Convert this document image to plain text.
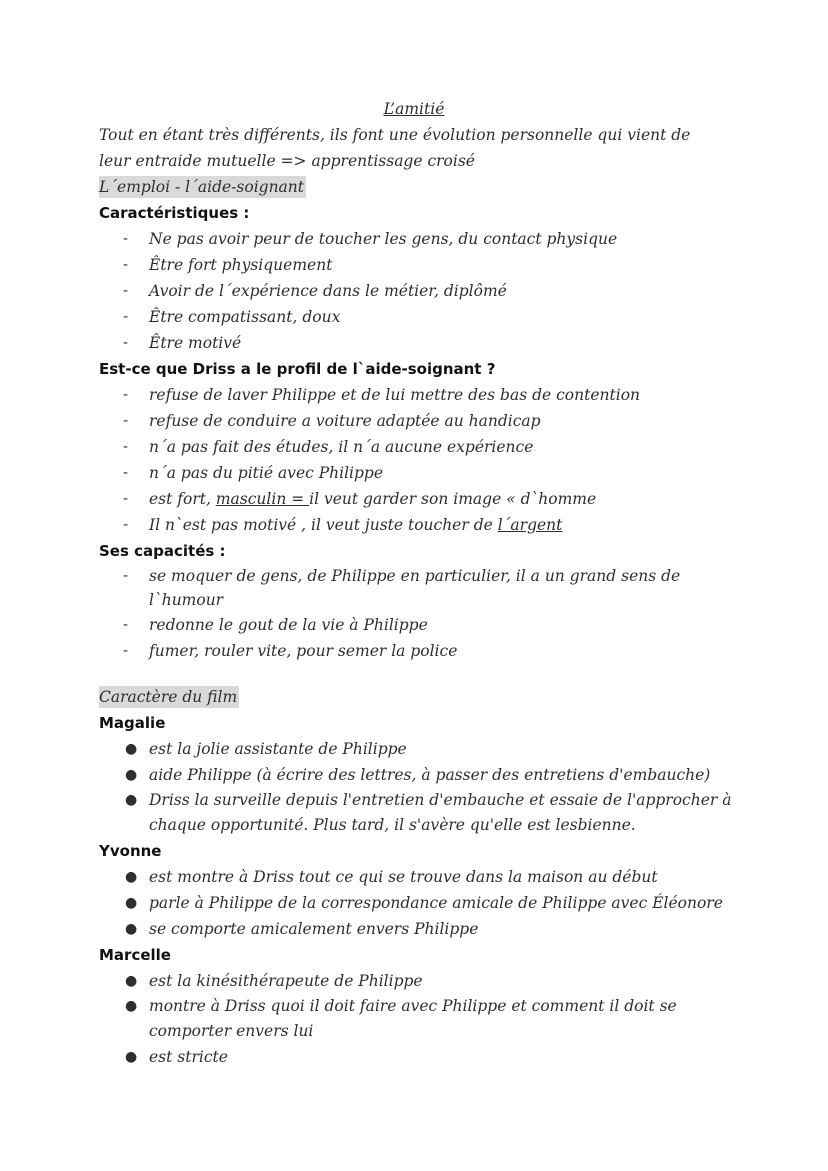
L’amitié
Tout en étant très différents, ils font une évolution personnelle qui vient de
leur entraide mutuelle => apprentissage croisé
L´emploi - l´aide-soignant
Caractéristiques :
- Ne pas avoir peur de toucher les gens, du contact physique
- Être fort physiquement
- Avoir de l´expérience dans le métier, diplômé
- Être compatissant, doux
- Être motivé
Est-ce que Driss a le profil de l`aide-soignant ?
- refuse de laver Philippe et de lui mettre des bas de contention
- refuse de conduire a voiture adaptée au handicap
- n´a pas fait des études, il n´a aucune expérience
- n´a pas du pitié avec Philippe
- est fort, masculin = il veut garder son image « d`homme
- Il n`est pas motivé , il veut juste toucher de l´argent
Ses capacités :
- se moquer de gens, de Philippe en particulier, il a un grand sens de l`humour
- redonne le gout de la vie à Philippe
- fumer, rouler vite, pour semer la police
Caractère du film
Magalie
● est la jolie assistante de Philippe
● aide Philippe (à écrire des lettres, à passer des entretiens d'embauche)
● Driss la surveille depuis l'entretien d'embauche et essaie de l'approcher à chaque opportunité. Plus tard, il s'avère qu'elle est lesbienne.
Yvonne
● est montre à Driss tout ce qui se trouve dans la maison au début
● parle à Philippe de la correspondance amicale de Philippe avec Éléonore
● se comporte amicalement envers Philippe
Marcelle
● est la kinésithérapeute de Philippe
● montre à Driss quoi il doit faire avec Philippe et comment il doit se comporter envers lui
● est stricte
